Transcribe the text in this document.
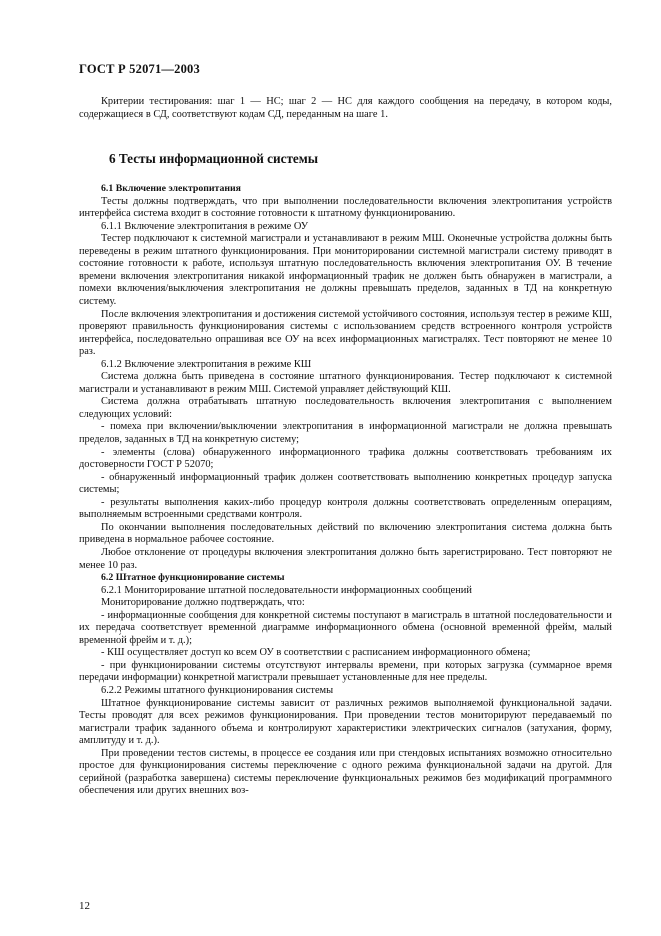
ГОСТ Р 52071—2003

Критерии тестирования: шаг 1 — НС; шаг 2 — НС для каждого сообщения на передачу, в котором коды, содержащиеся в СД, соответствуют кодам СД, переданным на шаге 1.

6 Тесты информационной системы

6.1 Включение электропитания

Тесты должны подтверждать, что при выполнении последовательности включения электропитания устройств интерфейса система входит в состояние готовности к штатному функционированию.

6.1.1 Включение электропитания в режиме ОУ

Тестер подключают к системной магистрали и устанавливают в режим МШ. Оконечные устройства должны быть переведены в режим штатного функционирования. При мониторировании системной магистрали систему приводят в состояние готовности к работе, используя штатную последовательность включения электропитания ОУ. В течение времени включения электропитания никакой информационный трафик не должен быть обнаружен в магистрали, а помехи включения/выключения электропитания не должны превышать пределов, заданных в ТД на конкретную систему.

После включения электропитания и достижения системой устойчивого состояния, используя тестер в режиме КШ, проверяют правильность функционирования системы с использованием средств встроенного контроля устройств интерфейса, последовательно опрашивая все ОУ на всех информационных магистралях. Тест повторяют не менее 10 раз.

6.1.2 Включение электропитания в режиме КШ

Система должна быть приведена в состояние штатного функционирования. Тестер подключают к системной магистрали и устанавливают в режим МШ. Системой управляет действующий КШ.

Система должна отрабатывать штатную последовательность включения электропитания с выполнением следующих условий:

- помеха при включении/выключении электропитания в информационной магистрали не должна превышать пределов, заданных в ТД на конкретную систему;

- элементы (слова) обнаруженного информационного трафика должны соответствовать требованиям их достоверности ГОСТ Р 52070;

- обнаруженный информационный трафик должен соответствовать выполнению конкретных процедур запуска системы;

- результаты выполнения каких-либо процедур контроля должны соответствовать определенным операциям, выполняемым встроенными средствами контроля.

По окончании выполнения последовательных действий по включению электропитания система должна быть приведена в нормальное рабочее состояние.

Любое отклонение от процедуры включения электропитания должно быть зарегистрировано. Тест повторяют не менее 10 раз.

6.2 Штатное функционирование системы

6.2.1 Мониторирование штатной последовательности информационных сообщений

Мониторирование должно подтверждать, что:

- информационные сообщения для конкретной системы поступают в магистраль в штатной последовательности и их передача соответствует временно́й диаграмме информационного обмена (основной временно́й фрейм, малый временно́й фрейм и т. д.);

- КШ осуществляет доступ ко всем ОУ в соответствии с расписанием информационного обмена;

- при функционировании системы отсутствуют интервалы времени, при которых загрузка (суммарное время передачи информации) конкретной магистрали превышает установленные для нее пределы.

6.2.2 Режимы штатного функционирования системы

Штатное функционирование системы зависит от различных режимов выполняемой функциональной задачи. Тесты проводят для всех режимов функционирования. При проведении тестов мониторируют передаваемый по магистрали трафик заданного объема и контролируют характеристики электрических сигналов (затухания, форму, амплитуду и т. д.).

При проведении тестов системы, в процессе ее создания или при стендовых испытаниях возможно относительно простое для функционирования системы переключение с одного режима функциональной задачи на другой. Для серийной (разработка завершена) системы переключение функциональных режимов без модификаций программного обеспечения или других внешних воз-

12
